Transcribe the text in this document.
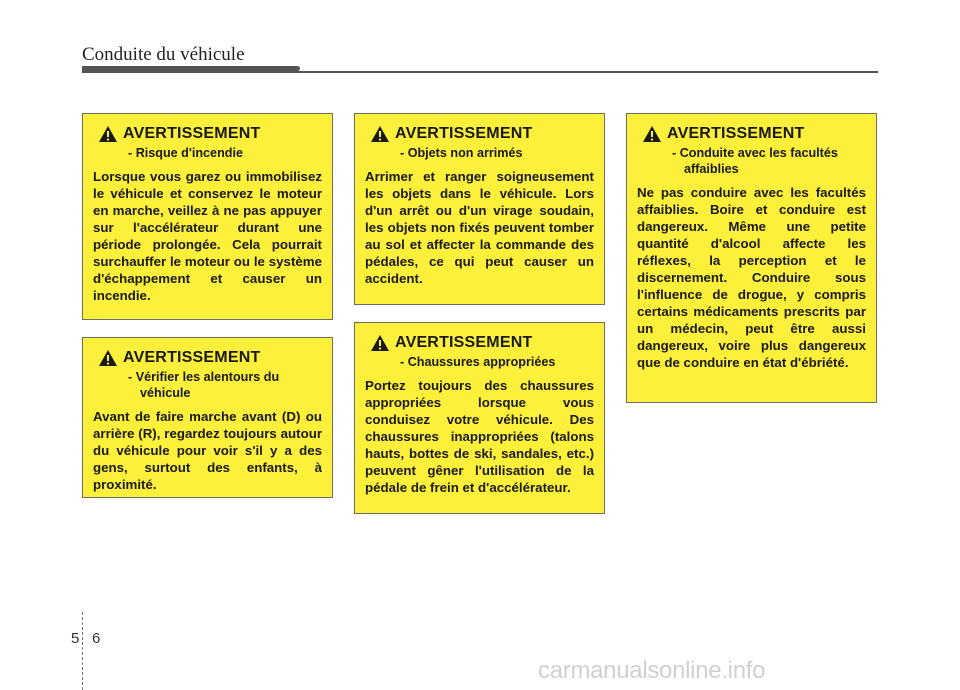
Conduite du véhicule
AVERTISSEMENT
- Risque d'incendie
Lorsque vous garez ou immobilisez le véhicule et conservez le moteur en marche, veillez à ne pas appuyer sur l'accélérateur durant une période prolongée. Cela pourrait surchauffer le moteur ou le système d'échappement et causer un incendie.
AVERTISSEMENT
- Vérifier les alentours du véhicule
Avant de faire marche avant (D) ou arrière (R), regardez toujours autour du véhicule pour voir s'il y a des gens, surtout des enfants, à proximité.
AVERTISSEMENT
- Objets non arrimés
Arrimer et ranger soigneusement les objets dans le véhicule. Lors d'un arrêt ou d'un virage soudain, les objets non fixés peuvent tomber au sol et affecter la commande des pédales, ce qui peut causer un accident.
AVERTISSEMENT
- Chaussures appropriées
Portez toujours des chaussures appropriées lorsque vous conduisez votre véhicule. Des chaussures inappropriées (talons hauts, bottes de ski, sandales, etc.) peuvent gêner l'utilisation de la pédale de frein et d'accélérateur.
AVERTISSEMENT
- Conduite avec les facultés affaiblies
Ne pas conduire avec les facultés affaiblies. Boire et conduire est dangereux. Même une petite quantité d'alcool affecte les réflexes, la perception et le discernement. Conduire sous l'influence de drogue, y compris certains médicaments prescrits par un médecin, peut être aussi dangereux, voire plus dangereux que de conduire en état d'ébriété.
5 6
carmanualsonline.info
